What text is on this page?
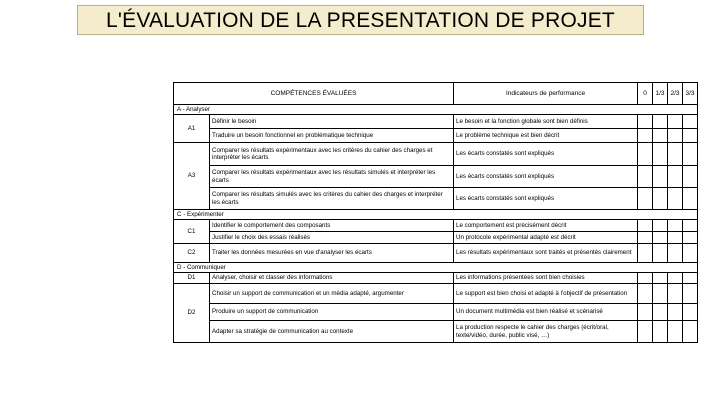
L'ÉVALUATION DE LA PRESENTATION DE PROJET
COMPÉTENCES ÉVALUÉES		Indicateurs de performance	0	1/3	2/3	3/3
A - Analyser						
A1	Définir le besoin	Le besoin et la fonction globale sont bien définis				
	Traduire un besoin fonctionnel en problématique technique	Le problème technique est bien décrit				
A3	Comparer les résultats expérimentaux avec les critères du cahier des charges et interpréter les écarts	Les écarts constatés sont expliqués				
	Comparer les résultats expérimentaux avec les résultats simulés et interpréter les écarts	Les écarts constatés sont expliqués				
	Comparer les résultats simulés avec les critères du cahier des charges et interpréter les écarts	Les écarts constatés sont expliqués				
C - Expérimenter						
C1	Identifier le comportement des composants	Le comportement est précisément décrit				
	Justifier le choix des essais réalisés	Un protocole expérimental adapté est décrit				
C2	Traiter les données mesurées en vue d'analyser les écarts	Les résultats expérimentaux sont traités et présentés clairement				
D - Communiquer						
D1	Analyser, choisir et classer des informations	Les informations présentées sont bien choisies				
D2	Choisir un support de communication et un média adapté, argumenter	Le support est bien choisi et adapté à l'objectif de présentation				
	Produire un support de communication	Un document multimédia est bien réalisé et scénarisé				
	Adapter sa stratégie de communication au contexte	La production respecte le cahier des charges (écrit/oral, texte/vidéo, durée, public visé, …)				
